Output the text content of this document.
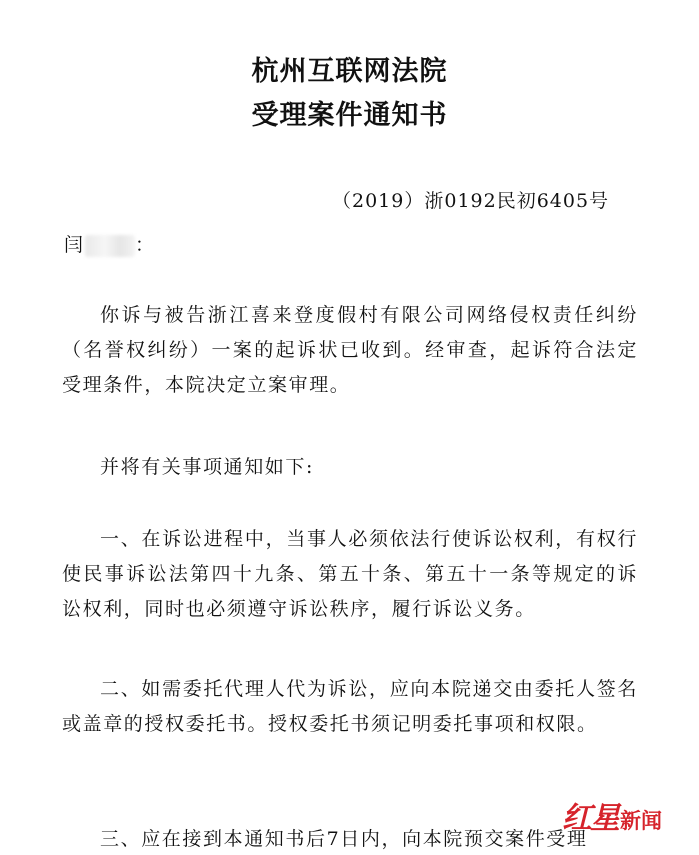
杭州互联网法院
受理案件通知书
（2019）浙0192民初6405号
闫	：

你诉与被告浙江喜来登度假村有限公司网络侵权责任纠纷（名誉权纠纷）一案的起诉状已收到。经审查，起诉符合法定受理条件，本院决定立案审理。

并将有关事项通知如下:

一、在诉讼进程中，当事人必须依法行使诉讼权利，有权行使民事诉讼法第四十九条、第五十条、第五十一条等规定的诉讼权利，同时也必须遵守诉讼秩序，履行诉讼义务。

二、如需委托代理人代为诉讼，应向本院递交由委托人签名或盖章的授权委托书。授权委托书须记明委托事项和权限。

三、应在接到本通知书后7日内，向本院预交案件受理

红星新闻
